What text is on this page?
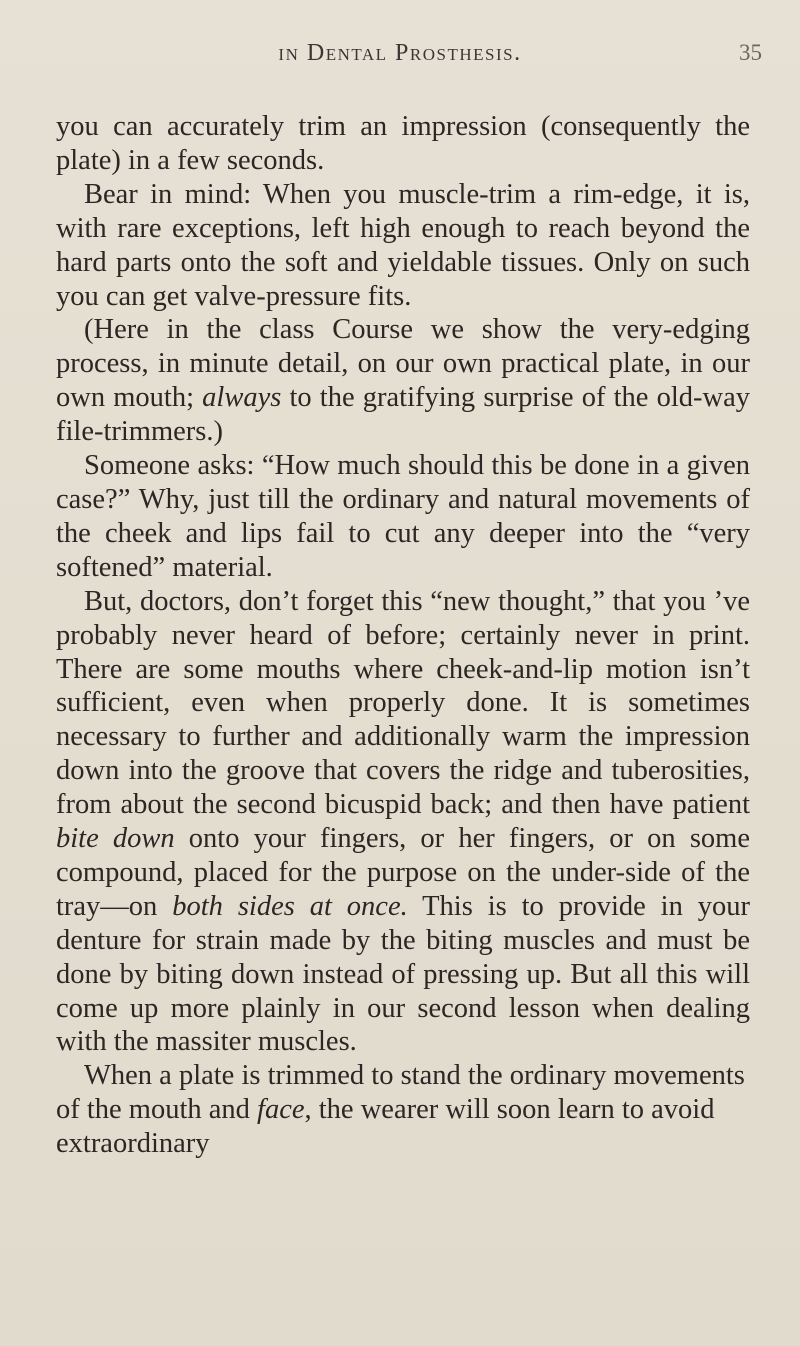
in Dental Prosthesis.	35

you can accurately trim an impression (consequently the plate) in a few seconds.

Bear in mind: When you muscle‑trim a rim‑edge, it is, with rare exceptions, left high enough to reach beyond the hard parts onto the soft and yieldable tissues. Only on such you can get valve‑pressure fits.

(Here in the class Course we show the very‑edging process, in minute detail, on our own practical plate, in our own mouth; always to the gratifying surprise of the old‑way file-trimmers.)

Someone asks: “How much should this be done in a given case?” Why, just till the ordinary and natural movements of the cheek and lips fail to cut any deeper into the “very softened” material.

But, doctors, don’t forget this “new thought,” that you ’ve probably never heard of before; certainly never in print. There are some mouths where cheek‑and‑lip motion isn’t sufficient, even when properly done. It is sometimes necessary to further and additionally warm the impression down into the groove that covers the ridge and tuberosities, from about the second bicuspid back; and then have patient bite down onto your fingers, or her fingers, or on some compound, placed for the purpose on the under-side of the tray—on both sides at once. This is to provide in your denture for strain made by the biting muscles and must be done by biting down instead of pressing up. But all this will come up more plainly in our second lesson when dealing with the massiter muscles.

When a plate is trimmed to stand the ordinary movements of the mouth and face, the wearer will soon learn to avoid extraordinary
